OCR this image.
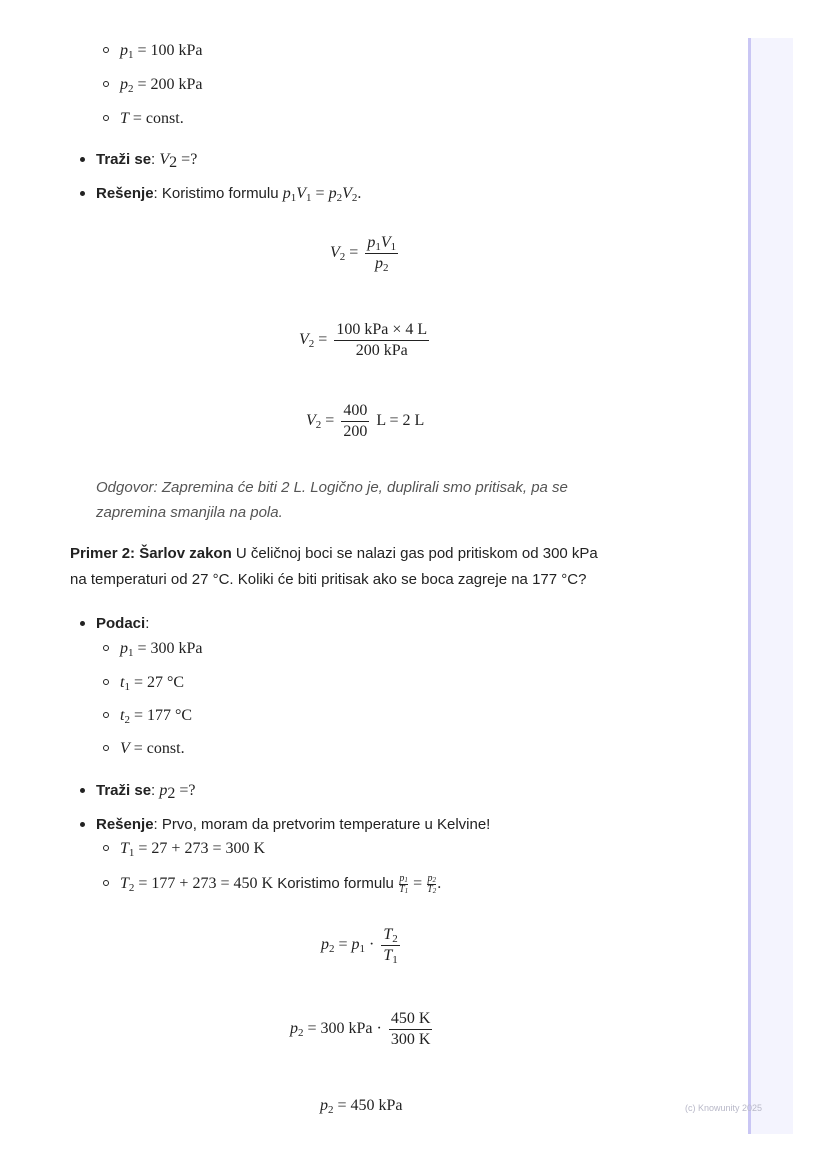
(c) Knowunity 2025
$p_1 = 100$ kPa
$p_2 = 200$ kPa
T = const.
Traži se: $V_2$ =?
Rešenje: Koristimo formulu $p_1V_1 = p_2V_2$.
$V_2 = \frac{p_1V_1}{p_2}$
$V_2 = \frac{\text{100 kPa × 4 L}}{\text{200 kPa}}$
$V_2 = \frac{400}{200}$ L = 2 L
Odgovor: Zapremina će biti 2 L. Logično je, duplirali smo pritisak, pa se
zapremina smanjila na pola.
Primer 2: Šarlov zakon U čeličnoj boci se nalazi gas pod pritiskom od 300 kPa
na temperaturi od 27 °C. Koliki će biti pritisak ako se boca zagreje na 177 °C?
Podaci:
$p_1 = 300$ kPa
$t_1 = 27$ °C
$t_2 = 177$ °C
V = const.
Traži se: $p_2$ =?
Rešenje: Prvo, moram da pretvorim temperature u Kelvine!
$T_1 = 27 + 273 = 300$ K
$T_2 = 177 + 273 = 450$ K Koristimo formulu $\frac{p_1}{T_1} = \frac{p_2}{T_2}$ .
$p_2 = p_1 \cdot \frac{T_2}{T_1}$
$p_2 = 300$ kPa · $\frac{450 K}{300 K}$
$p_2 = 450$ kPa
